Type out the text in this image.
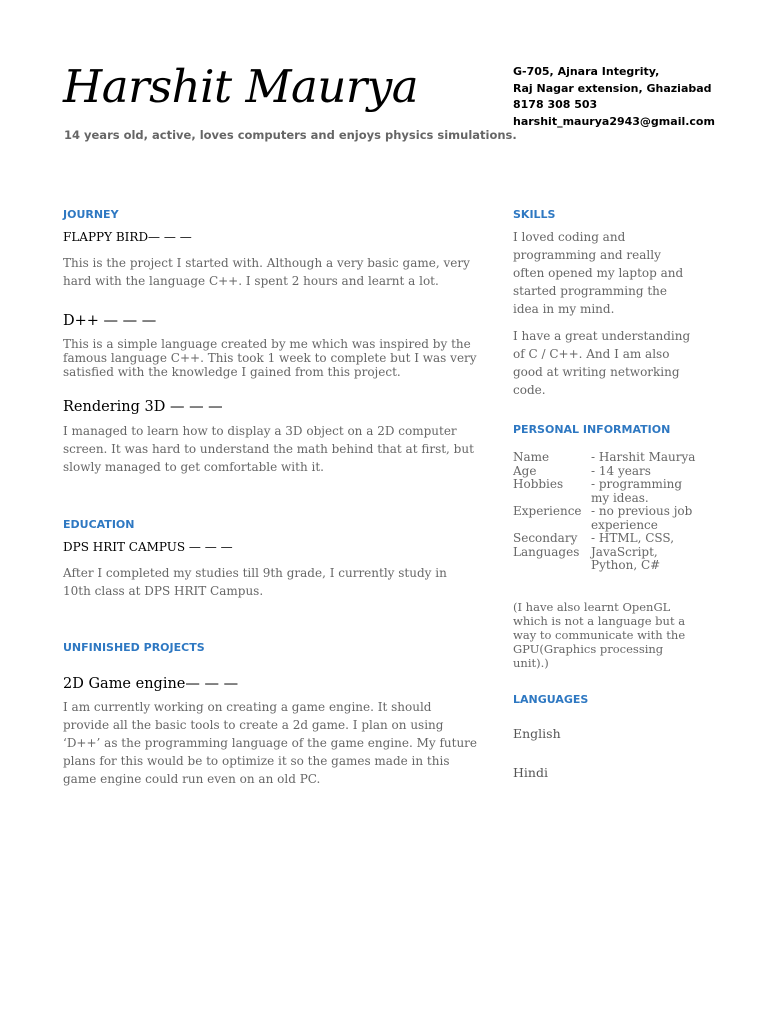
Harshit Maurya
14 years old, active, loves computers and enjoys physics simulations.
G-705, Ajnara Integrity,
Raj Nagar extension, Ghaziabad
8178 308 503
harshit_maurya2943@gmail.com
JOURNEY
FLAPPY BIRD— — —

This is the project I started with. Although a very basic game, very hard with the language C++. I spent 2 hours and learnt a lot.

D++ — — —

This is a simple language created by me which was inspired by the famous language C++. This took 1 week to complete but I was very satisfied with the knowledge I gained from this project.

Rendering 3D — — —

I managed to learn how to display a 3D object on a 2D computer screen. It was hard to understand the math behind that at first, but slowly managed to get comfortable with it.

EDUCATION
DPS HRIT CAMPUS — — —

After I completed my studies till 9th grade, I currently study in 10th class at DPS HRIT Campus.

UNFINISHED PROJECTS
2D Game engine— — —

I am currently working on creating a game engine. It should provide all the basic tools to create a 2d game. I plan on using ‘D++’ as the programming language of the game engine. My future plans for this would be to optimize it so the games made in this game engine could run even on an old PC.

SKILLS

I loved coding and programming and really often opened my laptop and started programming the idea in my mind.

I have a great understanding of C / C++. And I am also good at writing networking code.

PERSONAL INFORMATION
Name	- Harshit Maurya
Age	- 14 years
Hobbies	- programming my ideas.
Experience - no previous job experience
Secondary Languages
- HTML, CSS, JavaScript, Python, C#

(I have also learnt OpenGL which is not a language but a way to communicate with the GPU(Graphics processing unit).)

LANGUAGES
English
Hindi
